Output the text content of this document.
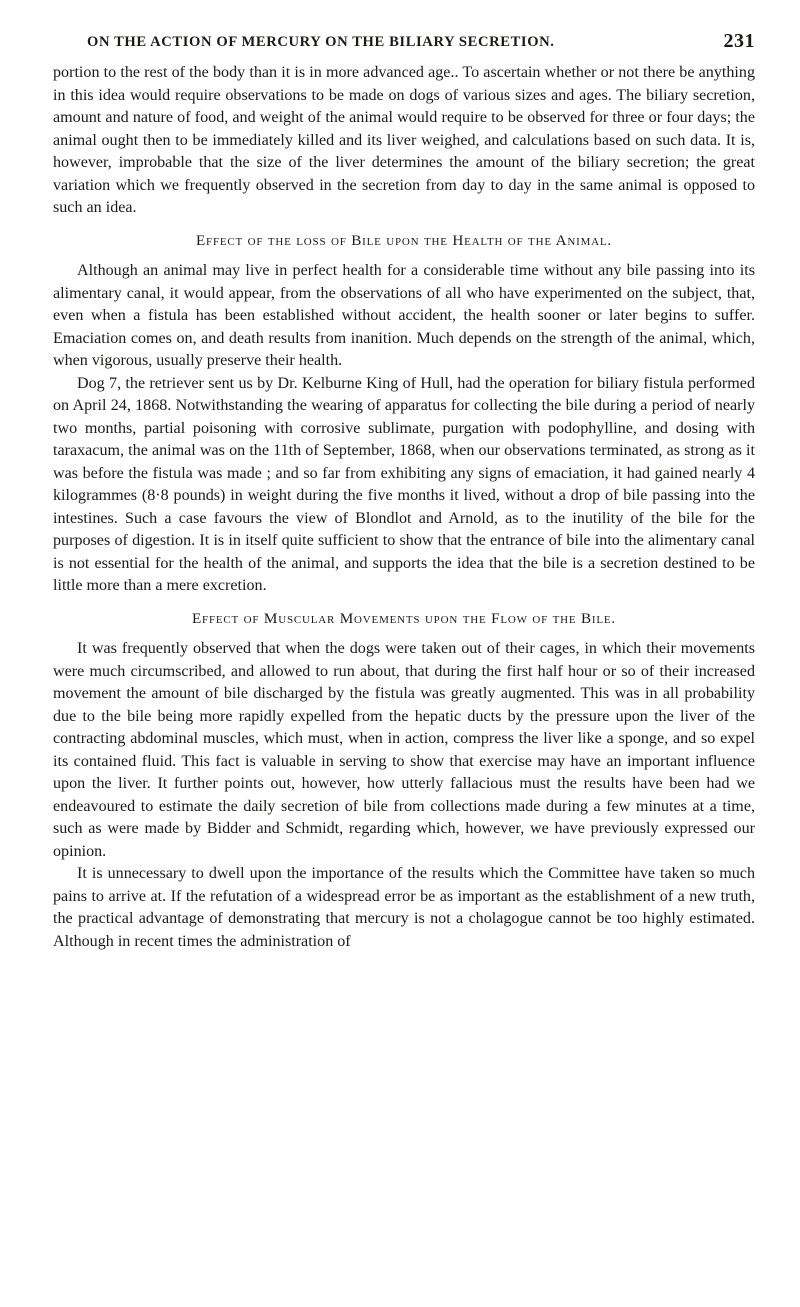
ON THE ACTION OF MERCURY ON THE BILIARY SECRETION.	231

portion to the rest of the body than it is in more advanced age.. To ascertain whether or not there be anything in this idea would require observations to be made on dogs of various sizes and ages. The biliary secretion, amount and nature of food, and weight of the animal would require to be observed for three or four days; the animal ought then to be immediately killed and its liver weighed, and calculations based on such data. It is, however, improbable that the size of the liver determines the amount of the biliary secretion; the great variation which we frequently observed in the secretion from day to day in the same animal is opposed to such an idea.

Effect of the loss of Bile upon the Health of the Animal.

Although an animal may live in perfect health for a considerable time without any bile passing into its alimentary canal, it would appear, from the observations of all who have experimented on the subject, that, even when a fistula has been established without accident, the health sooner or later begins to suffer. Emaciation comes on, and death results from inanition. Much depends on the strength of the animal, which, when vigorous, usually preserve their health.

Dog 7, the retriever sent us by Dr. Kelburne King of Hull, had the operation for biliary fistula performed on April 24, 1868. Notwithstanding the wearing of apparatus for collecting the bile during a period of nearly two months, partial poisoning with corrosive sublimate, purgation with podophylline, and dosing with taraxacum, the animal was on the 11th of September, 1868, when our observations terminated, as strong as it was before the fistula was made ; and so far from exhibiting any signs of emaciation, it had gained nearly 4 kilogrammes (8·8 pounds) in weight during the five months it lived, without a drop of bile passing into the intestines. Such a case favours the view of Blondlot and Arnold, as to the inutility of the bile for the purposes of digestion. It is in itself quite sufficient to show that the entrance of bile into the alimentary canal is not essential for the health of the animal, and supports the idea that the bile is a secretion destined to be little more than a mere excretion.

Effect of Muscular Movements upon the Flow of the Bile.

It was frequently observed that when the dogs were taken out of their cages, in which their movements were much circumscribed, and allowed to run about, that during the first half hour or so of their increased movement the amount of bile discharged by the fistula was greatly augmented. This was in all probability due to the bile being more rapidly expelled from the hepatic ducts by the pressure upon the liver of the contracting abdominal muscles, which must, when in action, compress the liver like a sponge, and so expel its contained fluid. This fact is valuable in serving to show that exercise may have an important influence upon the liver. It further points out, however, how utterly fallacious must the results have been had we endeavoured to estimate the daily secretion of bile from collections made during a few minutes at a time, such as were made by Bidder and Schmidt, regarding which, however, we have previously expressed our opinion.

It is unnecessary to dwell upon the importance of the results which the Committee have taken so much pains to arrive at. If the refutation of a widespread error be as important as the establishment of a new truth, the practical advantage of demonstrating that mercury is not a cholagogue cannot be too highly estimated. Although in recent times the administration of
